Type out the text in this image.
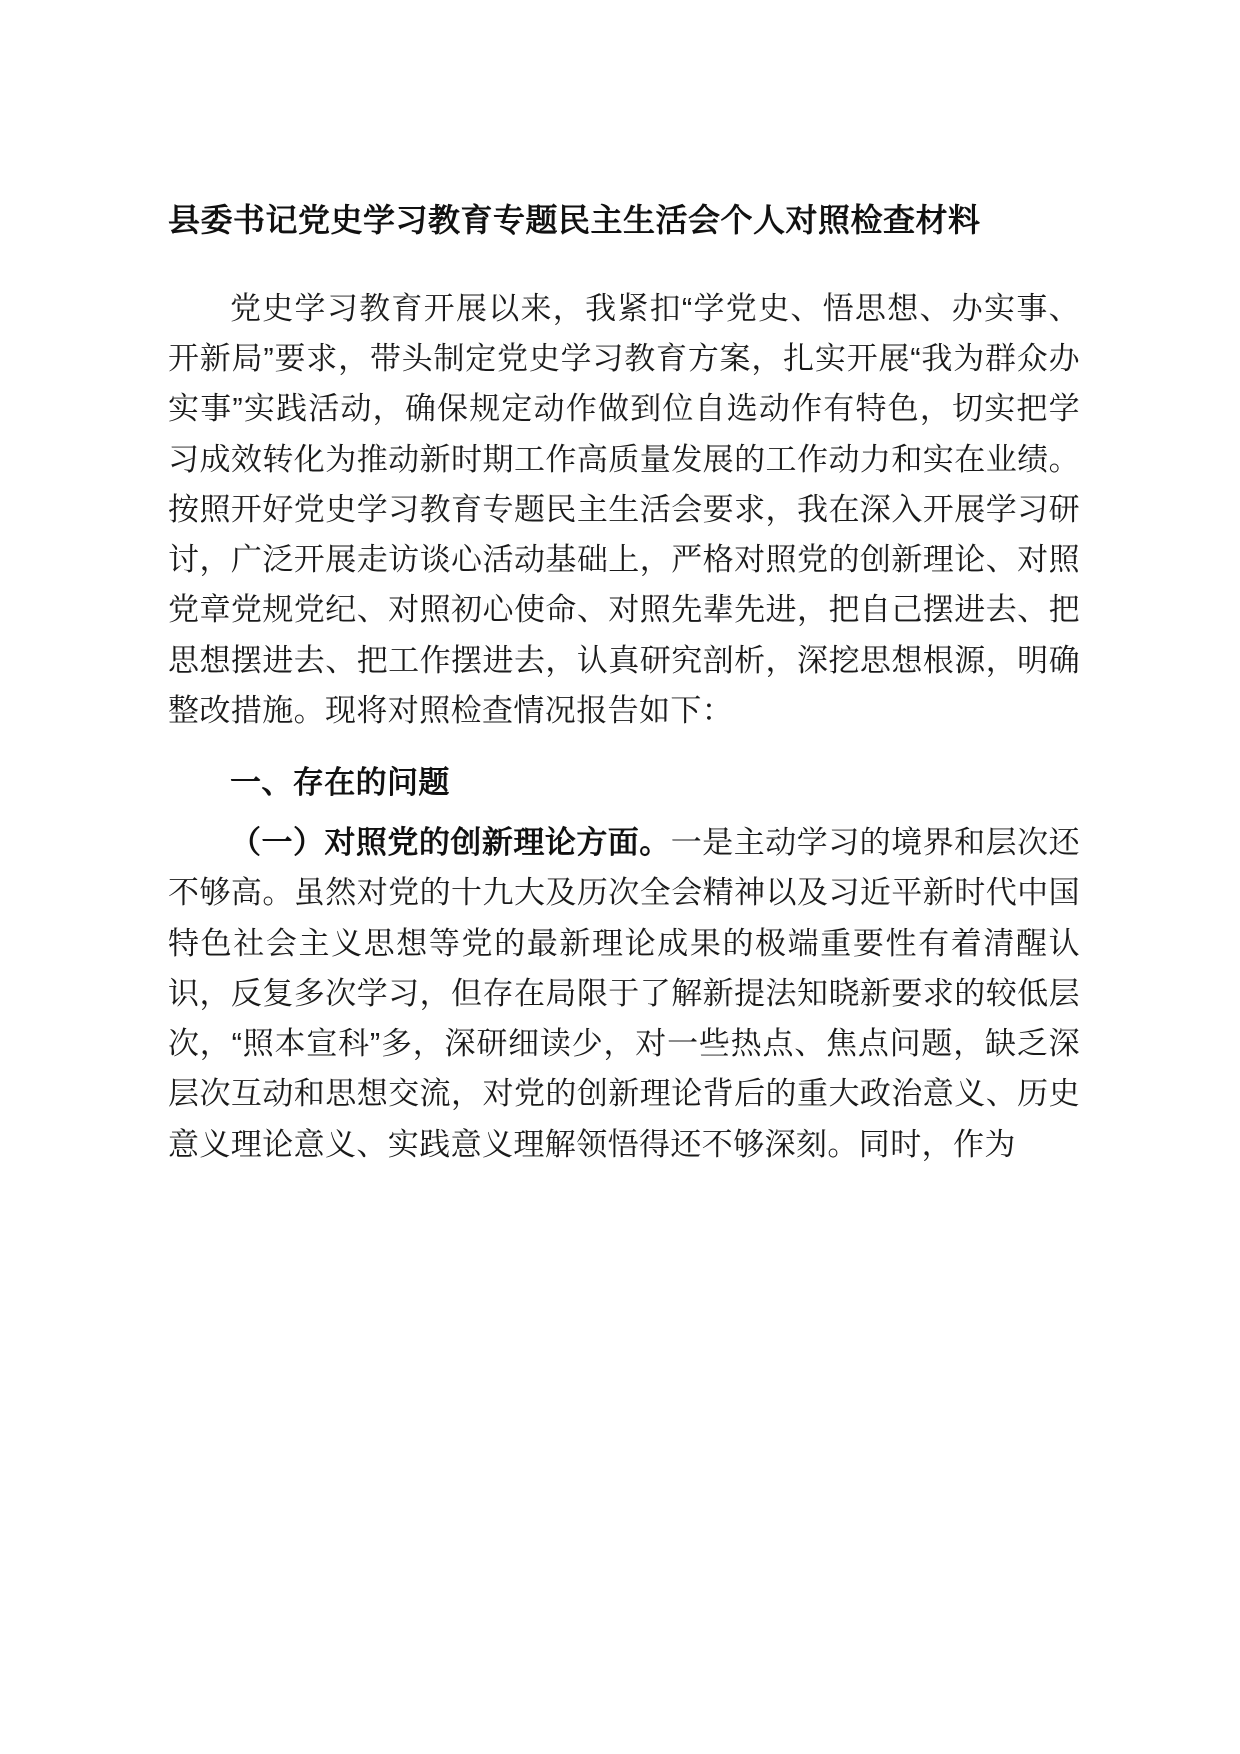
县委书记党史学习教育专题民主生活会个人对照检查材料

党史学习教育开展以来，我紧扣“学党史、悟思想、办实事、开新局”要求，带头制定党史学习教育方案，扎实开展“我为群众办实事”实践活动，确保规定动作做到位自选动作有特色，切实把学习成效转化为推动新时期工作高质量发展的工作动力和实在业绩。按照开好党史学习教育专题民主生活会要求，我在深入开展学习研讨，广泛开展走访谈心活动基础上，严格对照党的创新理论、对照党章党规党纪、对照初心使命、对照先辈先进，把自己摆进去、把思想摆进去、把工作摆进去，认真研究剖析，深挖思想根源，明确整改措施。现将对照检查情况报告如下：

一、存在的问题

（一）对照党的创新理论方面。一是主动学习的境界和层次还不够高。虽然对党的十九大及历次全会精神以及习近平新时代中国特色社会主义思想等党的最新理论成果的极端重要性有着清醒认识，反复多次学习，但存在局限于了解新提法知晓新要求的较低层次，“照本宣科”多，深研细读少，对一些热点、焦点问题，缺乏深层次互动和思想交流，对党的创新理论背后的重大政治意义、历史意义理论意义、实践意义理解领悟得还不够深刻。同时，作为
